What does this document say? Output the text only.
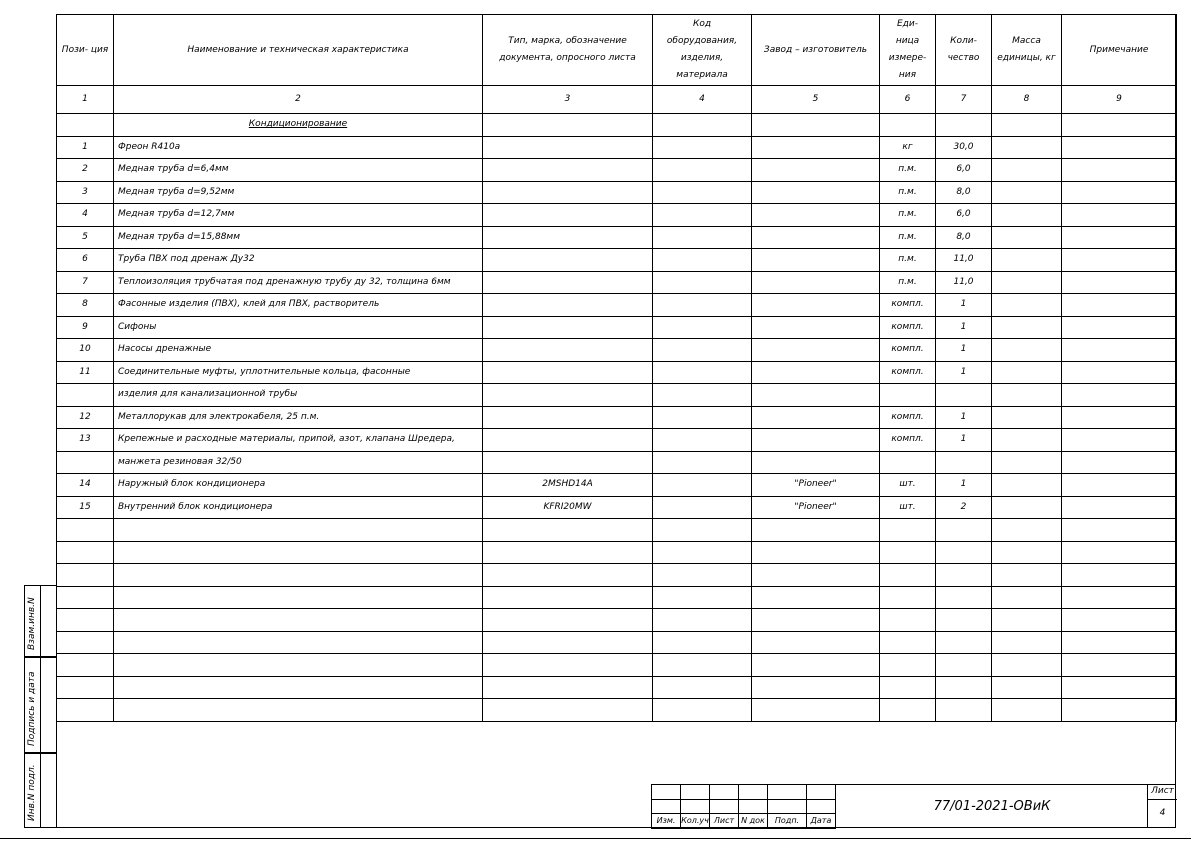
Пози- ция	Наименование и техническая характеристика	Тип, марка, обозначение документа, опросного листа	Код оборудования, изделия, материала	Завод – изготовитель	Еди- ница измере- ния	Коли- чество	Масса единицы, кг	Примечание
1	2	3	4	5	6	7	8	9
	Кондиционирование							
1	Фреон R410a				кг	30,0		
2	Медная труба d=6,4мм				п.м.	6,0		
3	Медная труба d=9,52мм				п.м.	8,0		
4	Медная труба d=12,7мм				п.м.	6,0		
5	Медная труба d=15,88мм				п.м.	8,0		
6	Труба ПВХ под дренаж Ду32				п.м.	11,0		
7	Теплоизоляция трубчатая под дренажную трубу ду 32, толщина 6мм				п.м.	11,0		
8	Фасонные изделия (ПВХ), клей для ПВХ, растворитель				компл.	1		
9	Сифоны				компл.	1		
10	Насосы дренажные				компл.	1		
11	Соединительные муфты, уплотнительные кольца, фасонные				компл.	1		
	изделия для канализационной трубы							
12	Металлорукав для электрокабеля, 25 п.м.				компл.	1		
13	Крепежные и расходные материалы, припой, азот, клапана Шредера,				компл.	1		
	манжета резиновая 32/50							
14	Наружный блок кондиционера	2MSHD14A		"Pioneer"	шт.	1		
15	Внутренний блок кондиционера	KFRI20MW		"Pioneer"	шт.	2		

Взам.инв.N
Подпись и дата
Инв.N подл.

						Изм.	Кол.уч	Лист	N док	Подп.	Дата
77/01-2021-ОВиК
Лист
4
